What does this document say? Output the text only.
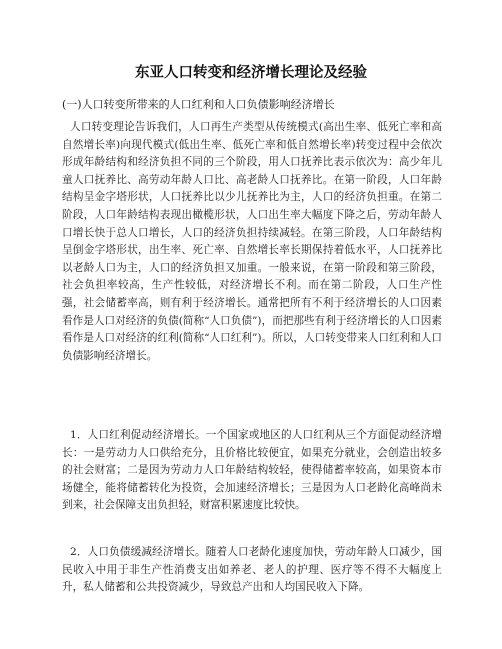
东亚人口转变和经济增长理论及经验
(一)人口转变所带来的人口红利和人口负债影响经济增长
人口转变理论告诉我们，人口再生产类型从传统模式(高出生率、低死亡率和高自然增长率)向现代模式(低出生率、低死亡率和低自然增长率)转变过程中会依次形成年龄结构和经济负担不同的三个阶段，用人口抚养比表示依次为：高少年儿童人口抚养比、高劳动年龄人口比、高老龄人口抚养比。在第一阶段，人口年龄结构呈金字塔形状，人口抚养比以少儿抚养比为主，人口的经济负担重。在第二阶段，人口年龄结构表现出橄榄形状，人口出生率大幅度下降之后，劳动年龄人口增长快于总人口增长，人口的经济负担持续减轻。在第三阶段，人口年龄结构呈倒金字塔形状，出生率、死亡率、自然增长率长期保持着低水平，人口抚养比以老龄人口为主，人口的经济负担又加重。一般来说，在第一阶段和第三阶段，社会负担率较高，生产性较低，对经济增长不利。而在第二阶段，人口生产性强，社会储蓄率高，则有利于经济增长。通常把所有不利于经济增长的人口因素看作是人口对经济的负债(简称“人口负债”)，而把那些有利于经济增长的人口因素看作是人口对经济的红利(简称“人口红利”)。所以，人口转变带来人口红利和人口负债影响经济增长。
1．人口红利促动经济增长。一个国家或地区的人口红利从三个方面促动经济增长：一是劳动力人口供给充分，且价格比较便宜，如果充分就业，会创造出较多的社会财富；二是因为劳动力人口年龄结构较轻，使得储蓄率较高，如果资本市场健全，能将储蓄转化为投资，会加速经济增长；三是因为人口老龄化高峰尚未到来，社会保障支出负担轻，财富积累速度比较快。
2．人口负债缓减经济增长。随着人口老龄化速度加快，劳动年龄人口减少，国民收入中用于非生产性消费支出如养老、老人的护理、医疗等不得不大幅度上升，私人储蓄和公共投资减少，导致总产出和人均国民收入下降。
